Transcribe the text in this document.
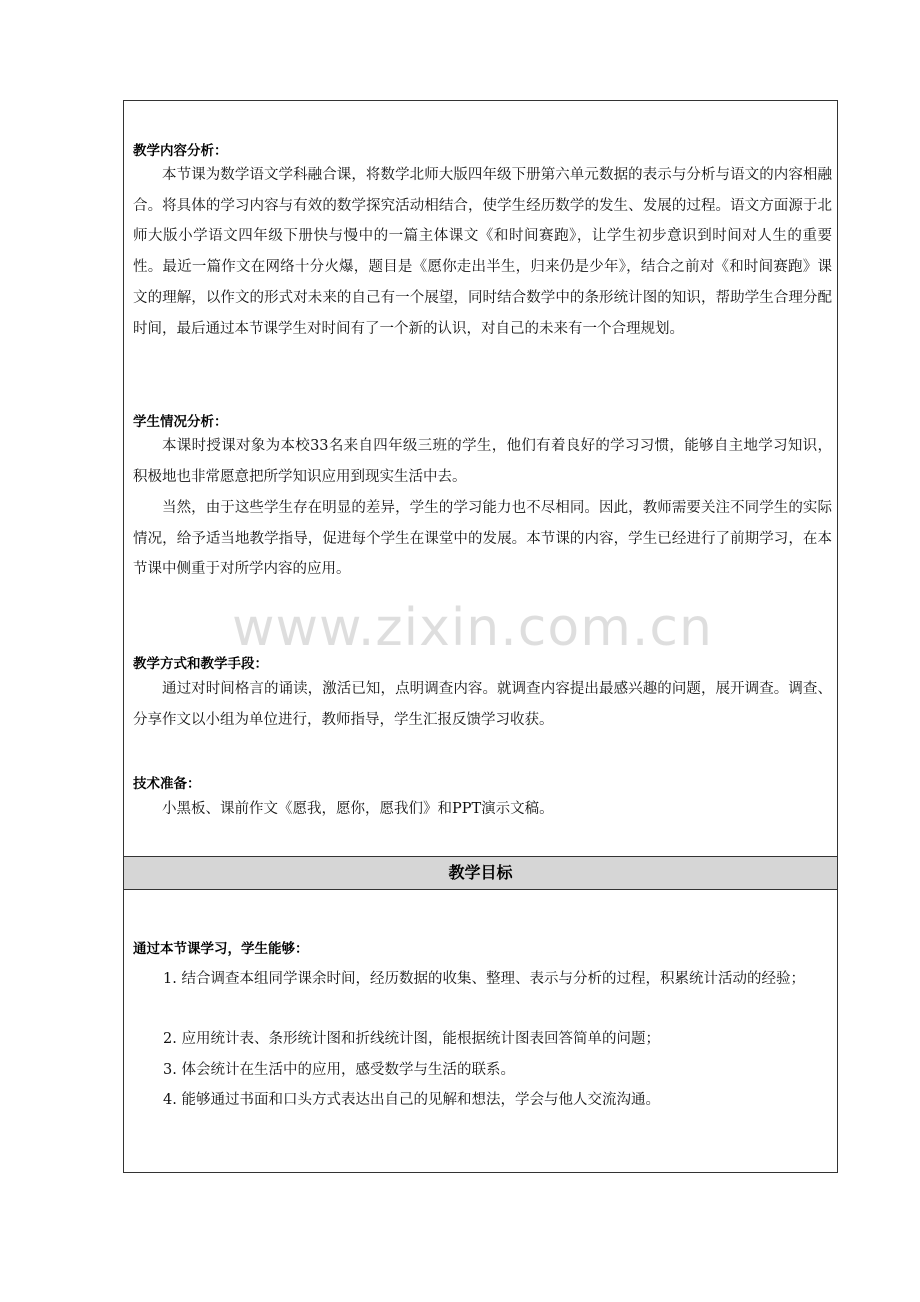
教学内容分析：

本节课为数学语文学科融合课，将数学北师大版四年级下册第六单元数据的表示与分析与语文的内容相融合。将具体的学习内容与有效的数学探究活动相结合，使学生经历数学的发生、发展的过程。语文方面源于北师大版小学语文四年级下册快与慢中的一篇主体课文《和时间赛跑》，让学生初步意识到时间对人生的重要性。最近一篇作文在网络十分火爆，题目是《愿你走出半生，归来仍是少年》，结合之前对《和时间赛跑》课文的理解，以作文的形式对未来的自己有一个展望，同时结合数学中的条形统计图的知识，帮助学生合理分配时间，最后通过本节课学生对时间有了一个新的认识，对自己的未来有一个合理规划。

学生情况分析：

本课时授课对象为本校33名来自四年级三班的学生，他们有着良好的学习习惯，能够自主地学习知识，积极地也非常愿意把所学知识应用到现实生活中去。

当然，由于这些学生存在明显的差异，学生的学习能力也不尽相同。因此，教师需要关注不同学生的实际情况，给予适当地教学指导，促进每个学生在课堂中的发展。本节课的内容，学生已经进行了前期学习，在本节课中侧重于对所学内容的应用。

教学方式和教学手段：

通过对时间格言的诵读，激活已知，点明调查内容。就调查内容提出最感兴趣的问题，展开调查。调查、分享作文以小组为单位进行，教师指导，学生汇报反馈学习收获。

技术准备：

小黑板、课前作文《愿我，愿你，愿我们》和PPT演示文稿。

教学目标
通过本节课学习，学生能够：

1. 结合调查本组同学课余时间，经历数据的收集、整理、表示与分析的过程，积累统计活动的经验；

2. 应用统计表、条形统计图和折线统计图，能根据统计图表回答简单的问题；

3. 体会统计在生活中的应用，感受数学与生活的联系。

4. 能够通过书面和口头方式表达出自己的见解和想法，学会与他人交流沟通。

www.zixin.com.cn
